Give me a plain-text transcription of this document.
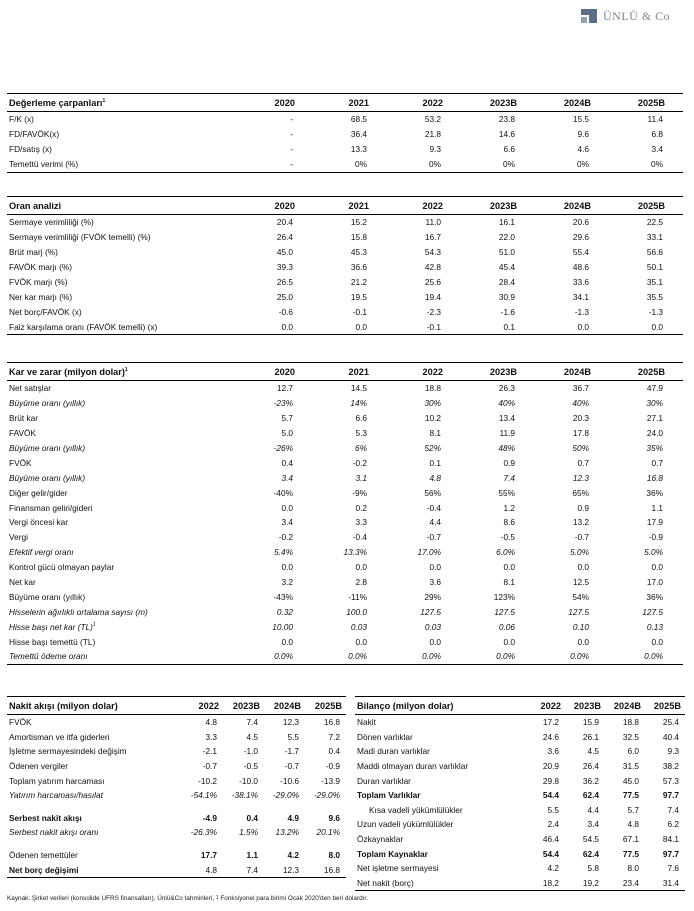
ÜNLÜ & Co
Değerleme çarpanları$^1$	2020	2021	2022	2023B	2024B	2025B
F/K (x)	-	68.5	53.2	23.8	15.5	11.4
FD/FAVÖK(x)	-	36.4	21.8	14.6	9.6	6.8
FD/satış (x)	-	13.3	9.3	6.6	4.6	3.4
Temettü verimi (%)	-	0%	0%	0%	0%	0%
Oran analizi	2020	2021	2022	2023B	2024B	2025B
Sermaye verimliliği (%)	20.4	15.2	11.0	16.1	20.6	22.5
Sermaye verimliliği (FVÖK temelli) (%)	26.4	15.8	16.7	22.0	29.6	33.1
Brüt marj (%)	45.0	45.3	54.3	51.0	55.4	56.6
FAVÖK marjı (%)	39.3	36.6	42.8	45.4	48.6	50.1
FVÖK marjı (%)	26.5	21.2	25.6	28.4	33.6	35.1
Ner kar marjı (%)	25.0	19.5	19.4	30.9	34.1	35.5
Net borç/FAVÖK (x)	-0.6	-0.1	-2.3	-1.6	-1.3	-1.3
Faiz karşılama oranı (FAVÖK temelli) (x)	0.0	0.0	-0.1	0.1	0.0	0.0
Kar ve zarar (milyon dolar)$^1$	2020	2021	2022	2023B	2024B	2025B
Net satışlar	12.7	14.5	18.8	26.3	36.7	47.9
Büyüme oranı (yıllık)	-23%	14%	30%	40%	40%	30%
Brüt kar	5.7	6.6	10.2	13.4	20.3	27.1
FAVÖK	5.0	5.3	8.1	11.9	17.8	24.0
Büyüme oranı (yıllık)	-26%	6%	52%	48%	50%	35%
FVÖK	0.4	-0.2	0.1	0.9	0.7	0.7
Büyüme oranı (yıllık)	3.4	3.1	4.8	7.4	12.3	16.8
Diğer gelir/gider	-40%	-9%	56%	55%	65%	36%
Finansman geliri/gideri	0.0	0.2	-0.4	1.2	0.9	1.1
Vergi öncesi kar	3.4	3.3	4.4	8.6	13.2	17.9
Vergi	-0.2	-0.4	-0.7	-0.5	-0.7	-0.9
Efektif vergi oranı	5.4%	13.3%	17.0%	6.0%	5.0%	5.0%
Kontrol gücü olmayan paylar	0.0	0.0	0.0	0.0	0.0	0.0
Net kar	3.2	2.8	3.6	8.1	12.5	17.0
Büyüme oranı (yıllık)	-43%	-11%	29%	123%	54%	36%
Hisselerin ağırlıklı ortalama sayısı (m)	0.32	100.0	127.5	127.5	127.5	127.5
Hisse başı net kar (TL)$^1$	10.00	0.03	0.03	0.06	0.10	0.13
Hisse başı temettü (TL)	0.0	0.0	0.0	0.0	0.0	0.0
Temettü ödeme oranı	0.0%	0.0%	0.0%	0.0%	0.0%	0.0%
Nakit akışı (milyon dolar)	2022	2023B	2024B	2025B
FVÖK	4.8	7.4	12.3	16.8
Amortisman ve itfa giderleri	3.3	4.5	5.5	7.2
İşletme sermayesindeki değişim	-2.1	-1.0	-1.7	0.4
Ödenen vergiler	-0.7	-0.5	-0.7	-0.9
Toplam yatırım harcaması	-10.2	-10.0	-10.6	-13.9
Yatırım harcaması/hasılat	-54.1%	-38.1%	-29.0%	-29.0%

Serbest nakit akışı	-4.9	0.4	4.9	9.6
Serbest nakit akışı oranı	-26.3%	1.5%	13.2%	20.1%

Ödenen temettüler	17.7	1.1	4.2	8.0
Net borç değişimi	4.8	7.4	12.3	16.8
Bilanço (milyon dolar)	2022	2023B	2024B	2025B
Nakit	17.2	15.9	18.8	25.4
Dönen varlıklar	24.6	26.1	32.5	40.4
Madi duran varlıklar	3.6	4.5	6.0	9.3
Maddi olmayan duran varlıklar	20.9	26.4	31.5	38.2
Duran varlıklar	29.8	36.2	45.0	57.3
Toplam Varlıklar	54.4	62.4	77.5	97.7
Kısa vadeli yükümlülükler	5.5	4.4	5.7	7.4
Uzun vadeli yükümlülükler	2.4	3.4	4.8	6.2
Özkaynaklar	46.4	54.5	67.1	84.1
Toplam Kaynaklar	54.4	62.4	77.5	97.7
Net işletme sermayesi	4.2	5.8	8.0	7.6
Net nakit (borç)	18.2	19.2	23.4	31.4
Kaynak: Şirket verileri (konsolide UFRS finansalları), Ünlü&Co tahminleri, $^1$ Fonksiyonel para birimi Ocak 2020'den beri dolardır.
